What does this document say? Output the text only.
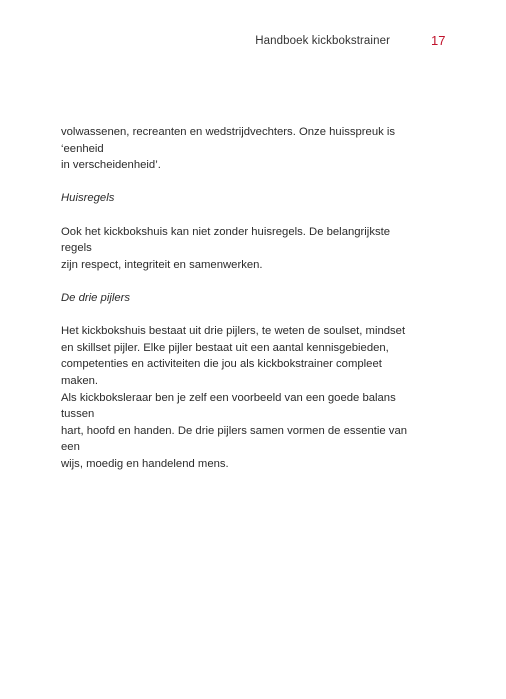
Handboek kickbokstrainer	17

volwassenen, recreanten en wedstrijdvechters. Onze huisspreuk is ‘eenheid

in verscheidenheid’.

Huisregels

Ook het kickbokshuis kan niet zonder huisregels. De belangrijkste regels

zijn respect, integriteit en samenwerken.

De drie pijlers

Het kickbokshuis bestaat uit drie pijlers, te weten de soulset, mindset

en skillset pijler. Elke pijler bestaat uit een aantal kennisgebieden,

competenties en activiteiten die jou als kickbokstrainer compleet maken.

Als kickboksleraar ben je zelf een voorbeeld van een goede balans tussen

hart, hoofd en handen. De drie pijlers samen vormen de essentie van een

wijs, moedig en handelend mens.
